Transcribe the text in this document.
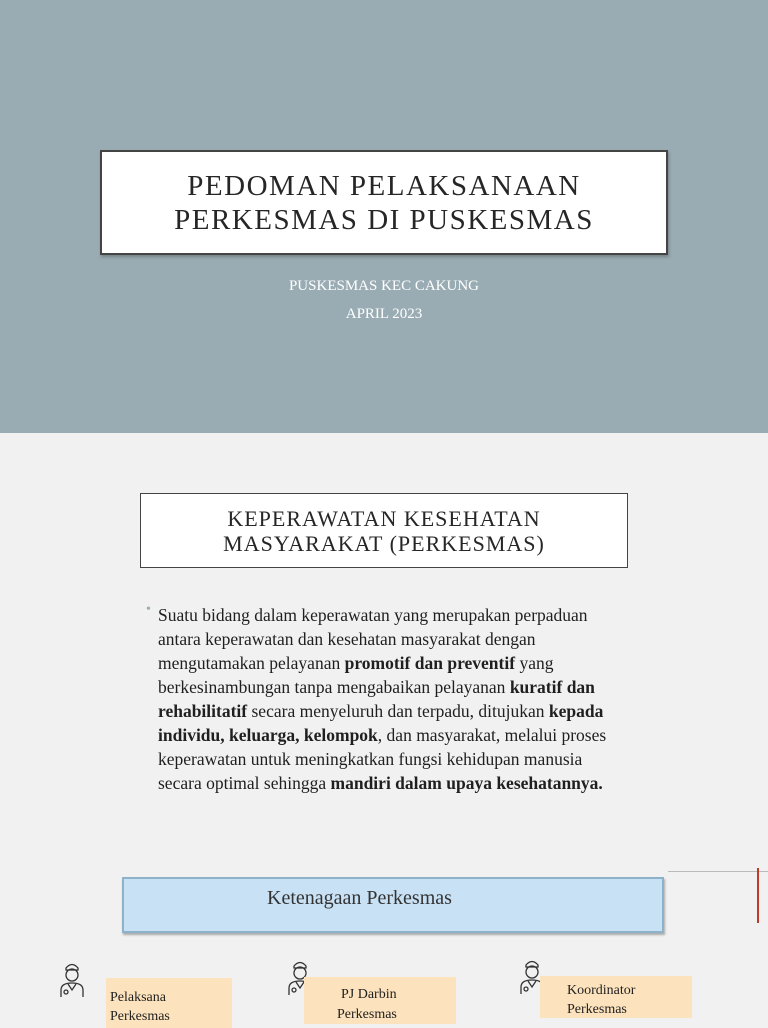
PEDOMAN PELAKSANAAN
PERKESMAS DI PUSKESMAS
PUSKESMAS KEC CAKUNG
APRIL 2023
KEPERAWATAN KESEHATAN
MASYARAKAT (PERKESMAS)
• Suatu bidang dalam keperawatan yang merupakan perpaduan antara keperawatan dan kesehatan masyarakat dengan mengutamakan pelayanan promotif dan preventif yang berkesinambungan tanpa mengabaikan pelayanan kuratif dan rehabilitatif secara menyeluruh dan terpadu, ditujukan kepada individu, keluarga, kelompok, dan masyarakat, melalui proses keperawatan untuk meningkatkan fungsi kehidupan manusia secara optimal sehingga mandiri dalam upaya kesehatannya.
Ketenagaan Perkesmas
Pelaksana
Perkesmas
PJ Darbin
Perkesmas
Koordinator
Perkesmas
